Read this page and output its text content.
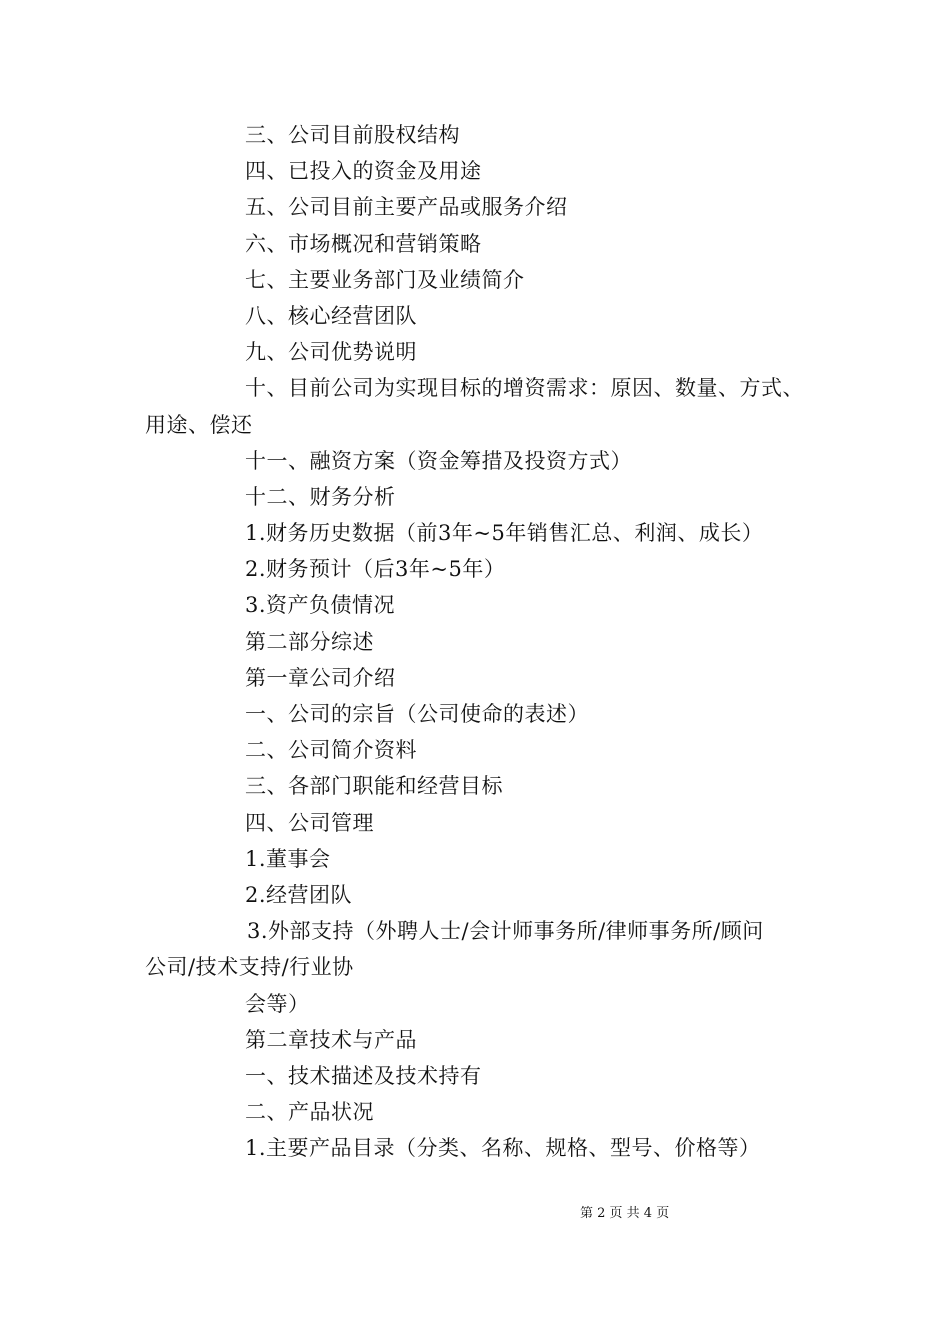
三、公司目前股权结构
四、已投入的资金及用途
五、公司目前主要产品或服务介绍
六、市场概况和营销策略
七、主要业务部门及业绩简介
八、核心经营团队
九、公司优势说明
十、目前公司为实现目标的增资需求：原因、数量、方式、
用途、偿还
十一、融资方案（资金筹措及投资方式）
十二、财务分析
1.财务历史数据（前3年~5年销售汇总、利润、成长）
2.财务预计（后3年~5年）
3.资产负债情况
第二部分综述
第一章公司介绍
一、公司的宗旨（公司使命的表述）
二、公司简介资料
三、各部门职能和经营目标
四、公司管理
1.董事会
2.经营团队
3.外部支持（外聘人士/会计师事务所/律师事务所/顾问
公司/技术支持/行业协
会等）
第二章技术与产品
一、技术描述及技术持有
二、产品状况
1.主要产品目录（分类、名称、规格、型号、价格等）
第 2 页 共 4 页
